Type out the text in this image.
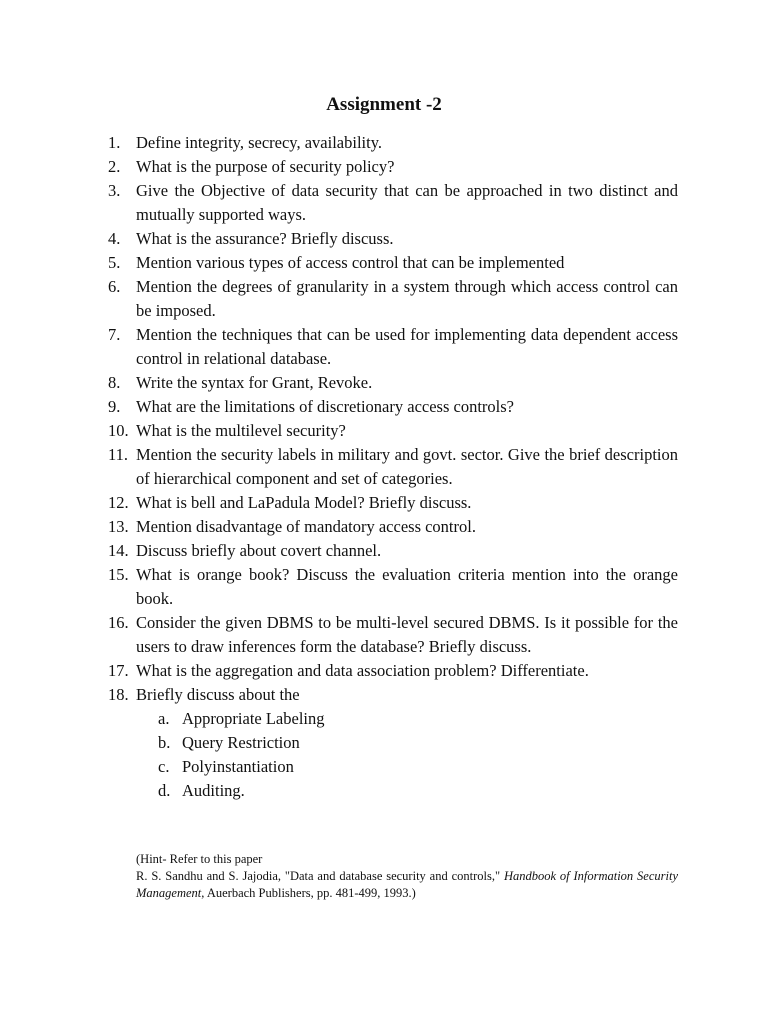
Assignment -2
1. Define integrity, secrecy, availability.
2. What is the purpose of security policy?
3. Give the Objective of data security that can be approached in two distinct and mutually supported ways.
4. What is the assurance? Briefly discuss.
5. Mention various types of access control that can be implemented
6. Mention the degrees of granularity in a system through which access control can be imposed.
7. Mention the techniques that can be used for implementing data dependent access control in relational database.
8. Write the syntax for Grant, Revoke.
9. What are the limitations of discretionary access controls?
10. What is the multilevel security?
11. Mention the security labels in military and govt. sector. Give the brief description of hierarchical component and set of categories.
12. What is bell and LaPadula Model? Briefly discuss.
13. Mention disadvantage of mandatory access control.
14. Discuss briefly about covert channel.
15. What is orange book? Discuss the evaluation criteria mention into the orange book.
16. Consider the given DBMS to be multi-level secured DBMS. Is it possible for the users to draw inferences form the database? Briefly discuss.
17. What is the aggregation and data association problem? Differentiate.
18. Briefly discuss about the
a. Appropriate Labeling
b. Query Restriction
c. Polyinstantiation
d. Auditing.

(Hint- Refer to this paper

R. S. Sandhu and S. Jajodia, "Data and database security and controls," Handbook of Information Security Management, Auerbach Publishers, pp. 481-499, 1993.)
